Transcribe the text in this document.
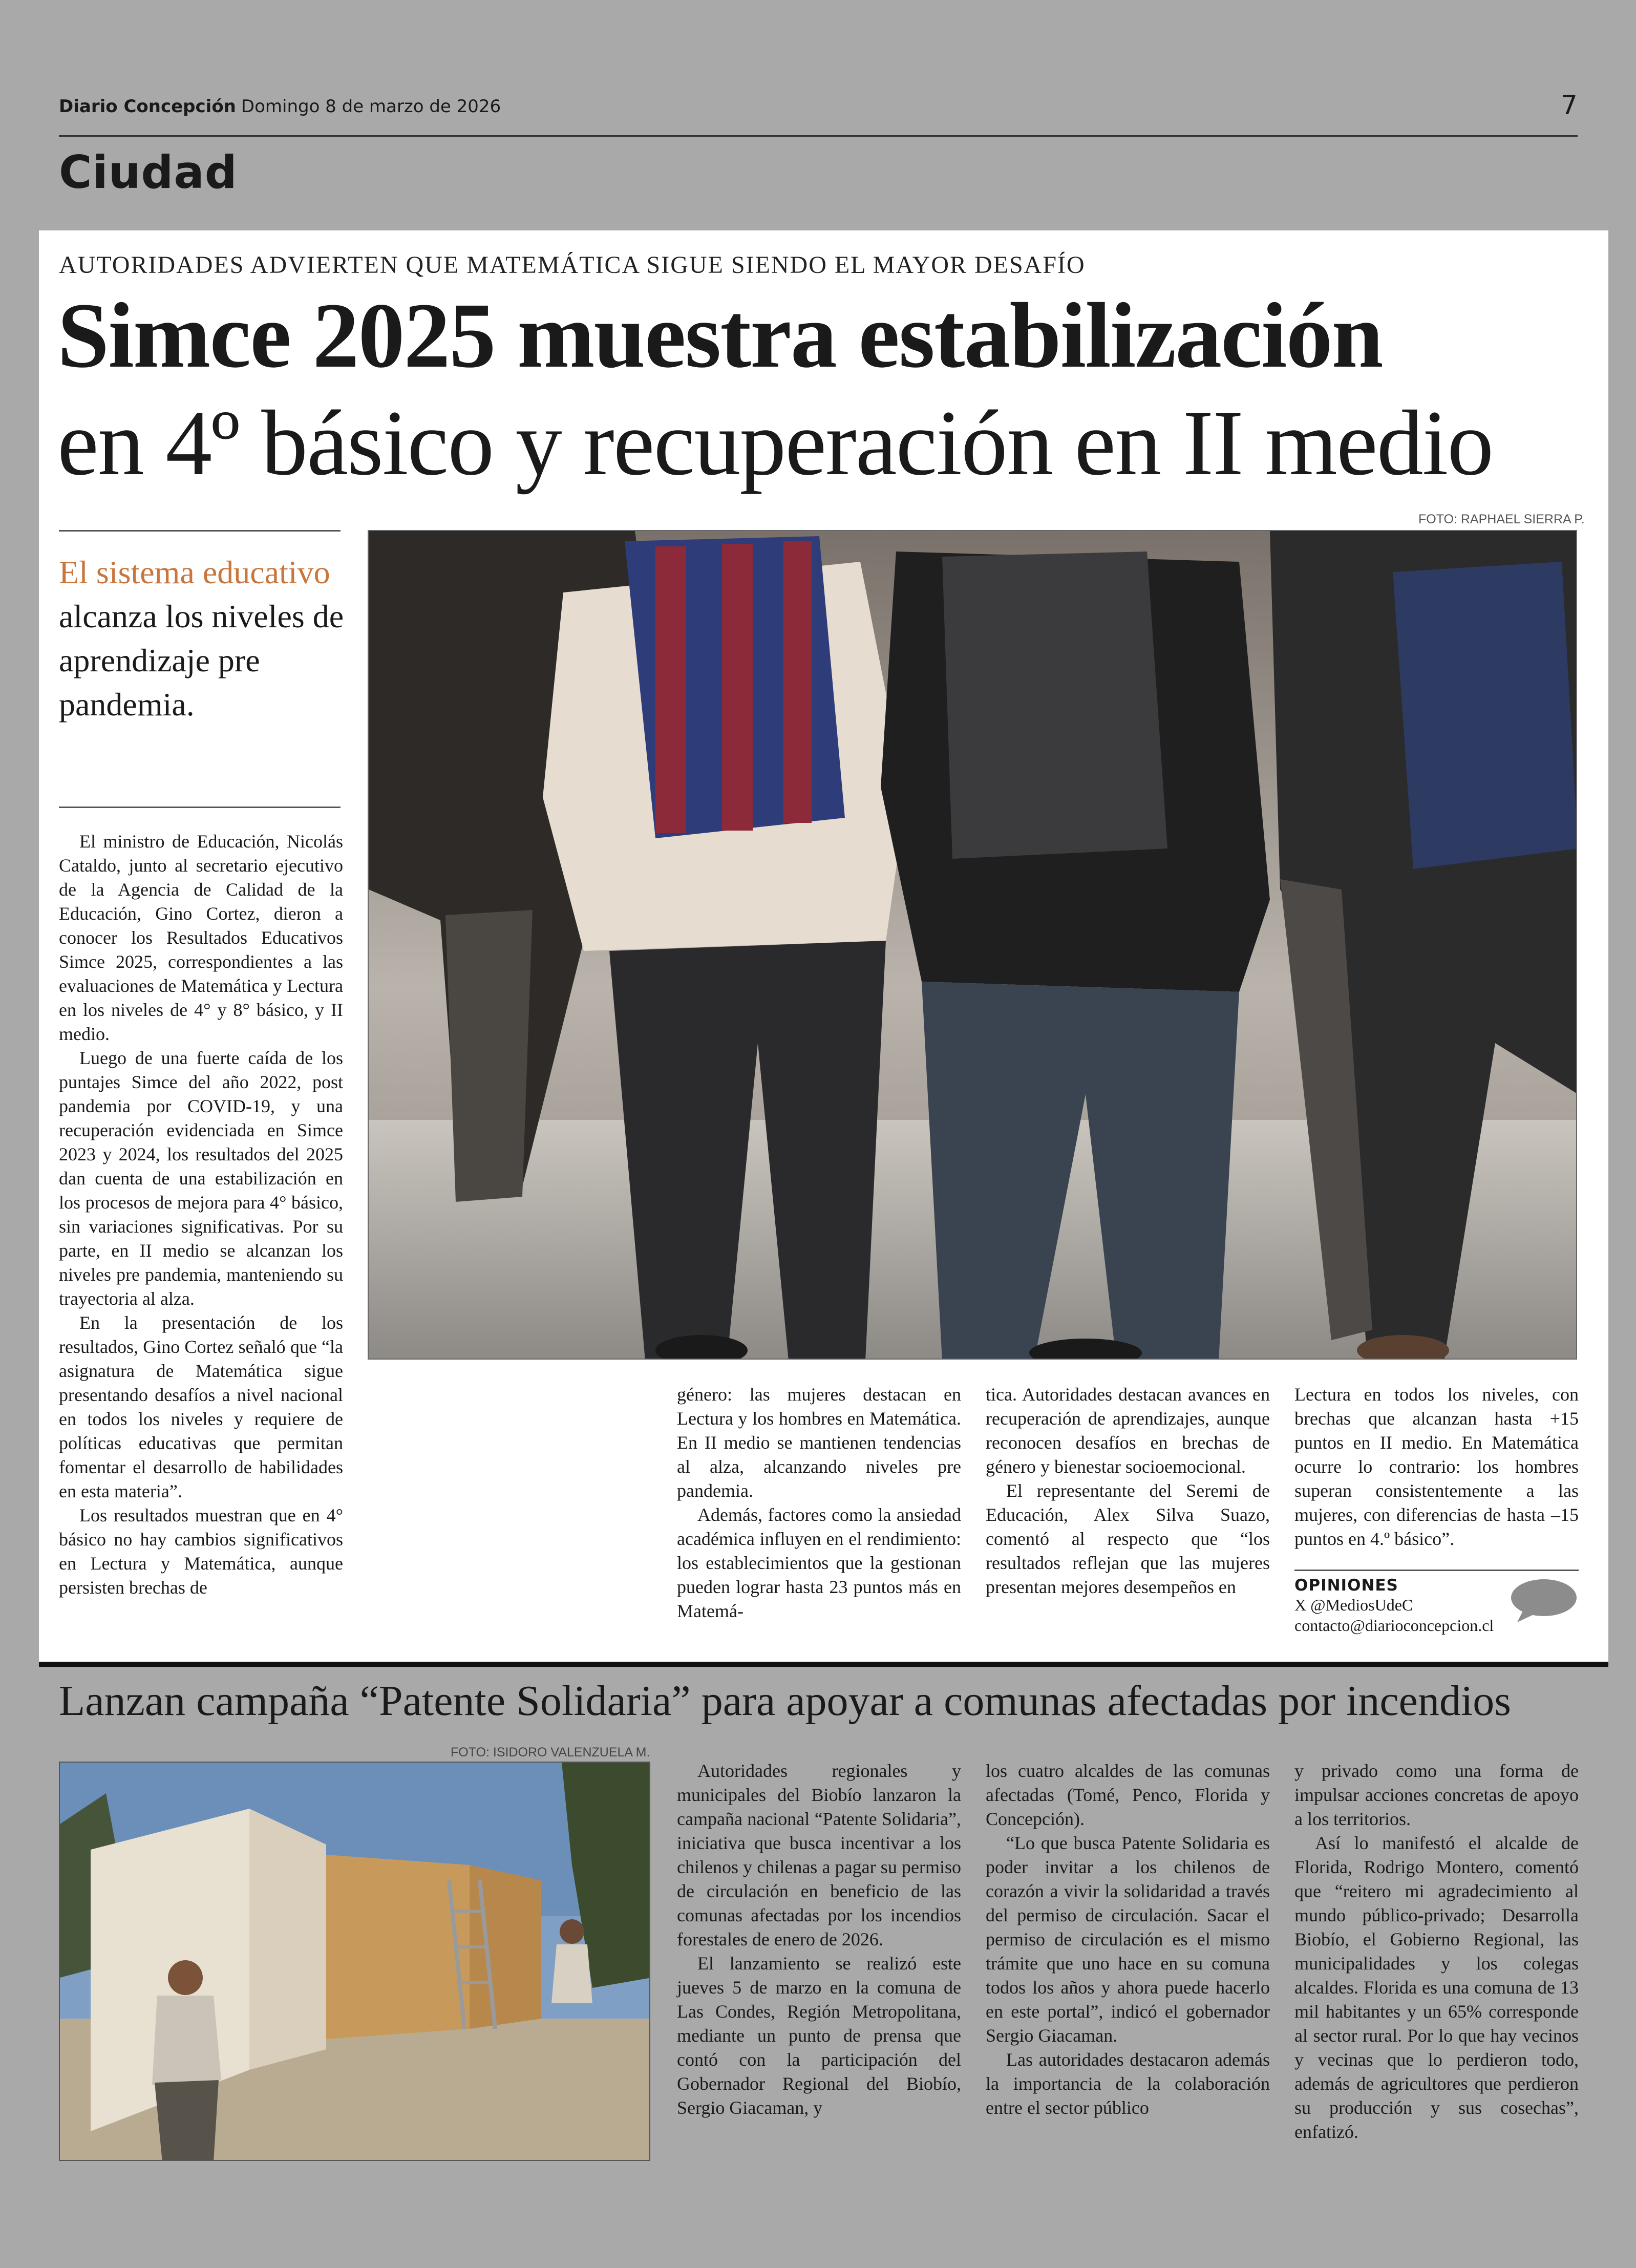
Diario Concepción Domingo 8 de marzo de 2026	7
Ciudad
AUTORIDADES ADVIERTEN QUE MATEMÁTICA SIGUE SIENDO EL MAYOR DESAFÍO
Simce 2025 muestra estabilización
en 4º básico y recuperación en II medio
FOTO: RAPHAEL SIERRA P.
El sistema educativo alcanza los niveles de aprendizaje pre pandemia.

El ministro de Educación, Nicolás Cataldo, junto al secretario ejecutivo de la Agencia de Calidad de la Educación, Gino Cortez, dieron a conocer los Resultados Educativos Simce 2025, correspondientes a las evaluaciones de Matemática y Lectura en los niveles de 4° y 8° básico, y II medio.

Luego de una fuerte caída de los puntajes Simce del año 2022, post pandemia por COVID-19, y una recuperación evidenciada en Simce 2023 y 2024, los resultados del 2025 dan cuenta de una estabilización en los procesos de mejora para 4° básico, sin variaciones significativas. Por su parte, en II medio se alcanzan los niveles pre pandemia, manteniendo su trayectoria al alza.

En la presentación de los resultados, Gino Cortez señaló que “la asignatura de Matemática sigue presentando desafíos a nivel nacional en todos los niveles y requiere de políticas educativas que permitan fomentar el desarrollo de habilidades en esta materia”.

Los resultados muestran que en 4° básico no hay cambios significativos en Lectura y Matemática, aunque persisten brechas de

género: las mujeres destacan en Lectura y los hombres en Matemática. En II medio se mantienen tendencias al alza, alcanzando niveles pre pandemia.

Además, factores como la ansiedad académica influyen en el rendimiento: los establecimientos que la gestionan pueden lograr hasta 23 puntos más en Matemá-

tica. Autoridades destacan avances en recuperación de aprendizajes, aunque reconocen desafíos en brechas de género y bienestar socioemocional.

El representante del Seremi de Educación, Alex Silva Suazo, comentó al respecto que “los resultados reflejan que las mujeres presentan mejores desempeños en

Lectura en todos los niveles, con brechas que alcanzan hasta +15 puntos en II medio. En Matemática ocurre lo contrario: los hombres superan consistentemente a las mujeres, con diferencias de hasta –15 puntos en 4.º básico”.

OPINIONES
X @MediosUdeC
contacto@diarioconcepcion.cl
Lanzan campaña “Patente Solidaria” para apoyar a comunas afectadas por incendios
FOTO: ISIDORO VALENZUELA M.

Autoridades regionales y municipales del Biobío lanzaron la campaña nacional “Patente Solidaria”, iniciativa que busca incentivar a los chilenos y chilenas a pagar su permiso de circulación en beneficio de las comunas afectadas por los incendios forestales de enero de 2026.

El lanzamiento se realizó este jueves 5 de marzo en la comuna de Las Condes, Región Metropolitana, mediante un punto de prensa que contó con la participación del Gobernador Regional del Biobío, Sergio Giacaman, y

los cuatro alcaldes de las comunas afectadas (Tomé, Penco, Florida y Concepción).

“Lo que busca Patente Solidaria es poder invitar a los chilenos de corazón a vivir la solidaridad a través del permiso de circulación. Sacar el permiso de circulación es el mismo trámite que uno hace en su comuna todos los años y ahora puede hacerlo en este portal”, indicó el gobernador Sergio Giacaman.

Las autoridades destacaron además la importancia de la colaboración entre el sector público

y privado como una forma de impulsar acciones concretas de apoyo a los territorios.

Así lo manifestó el alcalde de Florida, Rodrigo Montero, comentó que “reitero mi agradecimiento al mundo público-privado; Desarrolla Biobío, el Gobierno Regional, las municipalidades y los colegas alcaldes. Florida es una comuna de 13 mil habitantes y un 65% corresponde al sector rural. Por lo que hay vecinos y vecinas que lo perdieron todo, además de agricultores que perdieron su producción y sus cosechas”, enfatizó.
